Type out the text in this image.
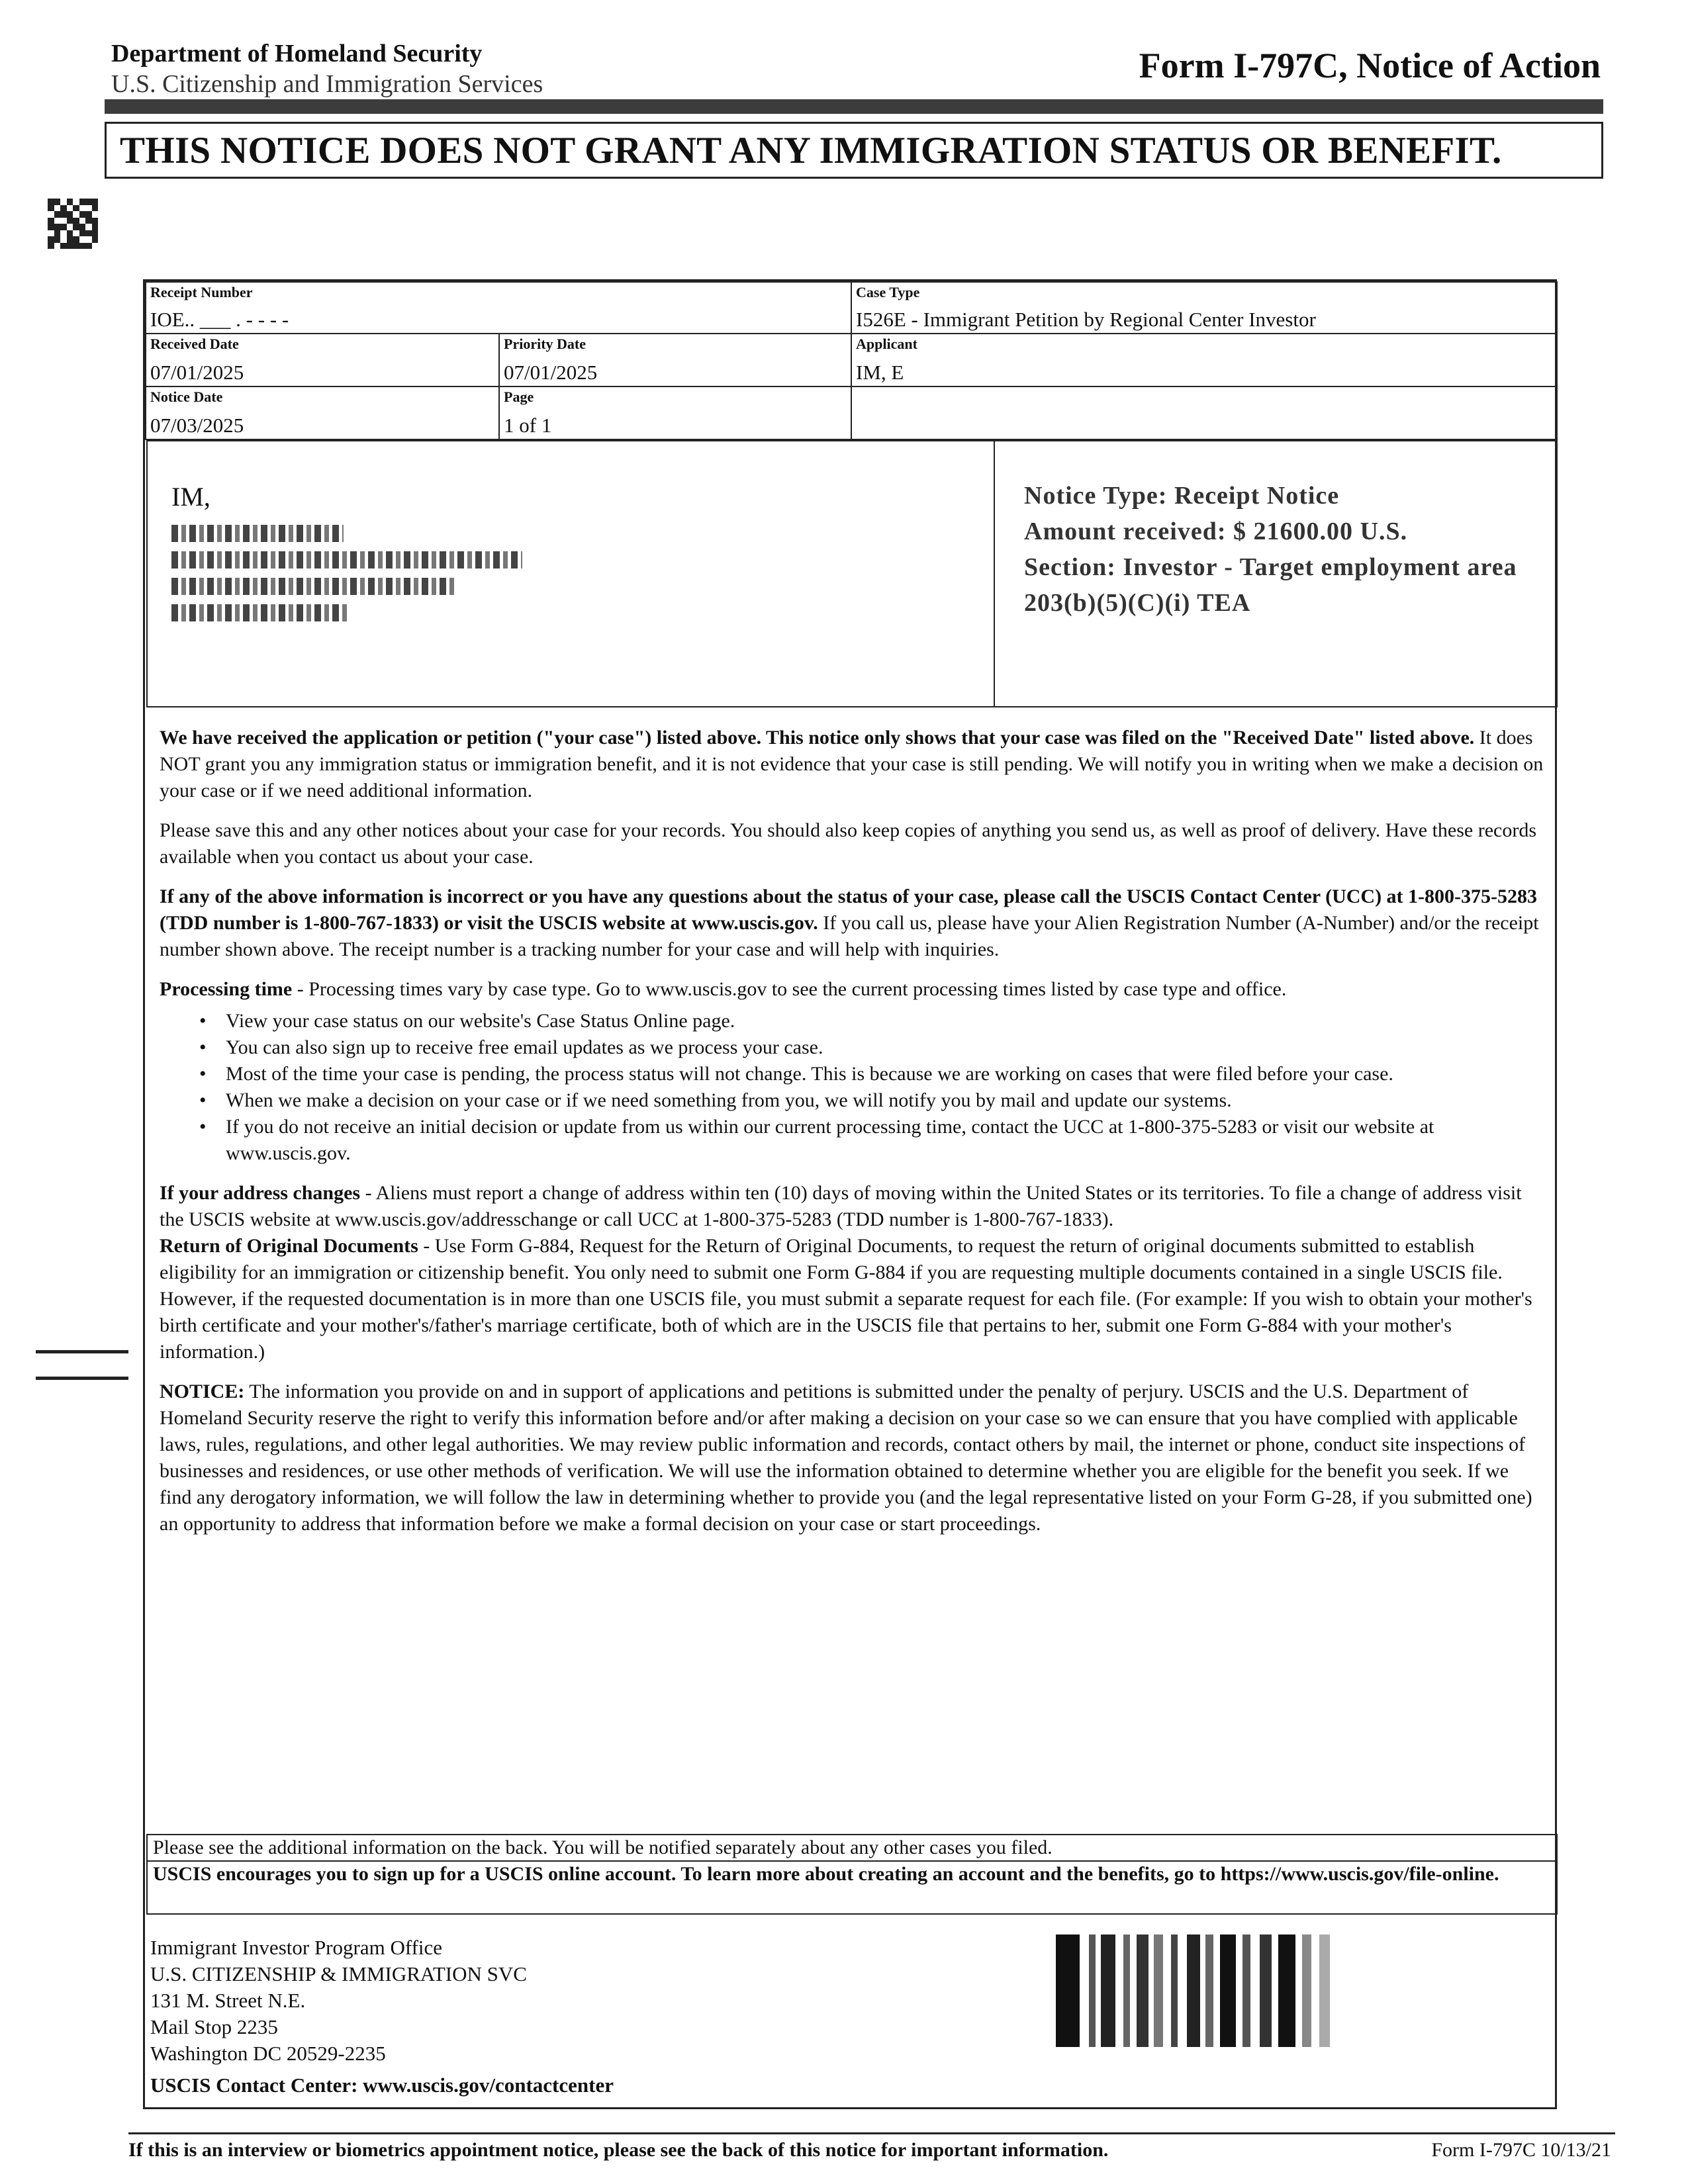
Department of Homeland Security
U.S. Citizenship and Immigration Services	Form I-797C, Notice of Action
THIS NOTICE DOES NOT GRANT ANY IMMIGRATION STATUS OR BENEFIT.
Receipt Number
IOE.. ___ . - - - -
Case Type
I526E - Immigrant Petition by Regional Center Investor
Received Date
07/01/2025
Priority Date
07/01/2025
Applicant
IM, E
Notice Date
07/03/2025
Page
1 of 1
IM,	Notice Type: Receipt Notice
Amount received: $ 21600.00 U.S.
Section: Investor - Target employment area
203(b)(5)(C)(i) TEA

We have received the application or petition ("your case") listed above. This notice only shows that your case was filed on the "Received Date" listed above. It does NOT grant you any immigration status or immigration benefit, and it is not evidence that your case is still pending. We will notify you in writing when we make a decision on your case or if we need additional information.

Please save this and any other notices about your case for your records. You should also keep copies of anything you send us, as well as proof of delivery. Have these records available when you contact us about your case.

If any of the above information is incorrect or you have any questions about the status of your case, please call the USCIS Contact Center (UCC) at 1-800-375-5283 (TDD number is 1-800-767-1833) or visit the USCIS website at www.uscis.gov. If you call us, please have your Alien Registration Number (A-Number) and/or the receipt number shown above. The receipt number is a tracking number for your case and will help with inquiries.

Processing time - Processing times vary by case type. Go to www.uscis.gov to see the current processing times listed by case type and office.

• View your case status on our website's Case Status Online page.
• You can also sign up to receive free email updates as we process your case.
• Most of the time your case is pending, the process status will not change. This is because we are working on cases that were filed before your case.
• When we make a decision on your case or if we need something from you, we will notify you by mail and update our systems.
• If you do not receive an initial decision or update from us within our current processing time, contact the UCC at 1-800-375-5283 or visit our website at www.uscis.gov.

If your address changes - Aliens must report a change of address within ten (10) days of moving within the United States or its territories. To file a change of address visit the USCIS website at www.uscis.gov/addresschange or call UCC at 1-800-375-5283 (TDD number is 1-800-767-1833).

Return of Original Documents - Use Form G-884, Request for the Return of Original Documents, to request the return of original documents submitted to establish eligibility for an immigration or citizenship benefit. You only need to submit one Form G-884 if you are requesting multiple documents contained in a single USCIS file. However, if the requested documentation is in more than one USCIS file, you must submit a separate request for each file. (For example: If you wish to obtain your mother's birth certificate and your mother's/father's marriage certificate, both of which are in the USCIS file that pertains to her, submit one Form G-884 with your mother's information.)

NOTICE: The information you provide on and in support of applications and petitions is submitted under the penalty of perjury. USCIS and the U.S. Department of Homeland Security reserve the right to verify this information before and/or after making a decision on your case so we can ensure that you have complied with applicable laws, rules, regulations, and other legal authorities. We may review public information and records, contact others by mail, the internet or phone, conduct site inspections of businesses and residences, or use other methods of verification. We will use the information obtained to determine whether you are eligible for the benefit you seek. If we find any derogatory information, we will follow the law in determining whether to provide you (and the legal representative listed on your Form G-28, if you submitted one) an opportunity to address that information before we make a formal decision on your case or start proceedings.

Please see the additional information on the back. You will be notified separately about any other cases you filed.
USCIS encourages you to sign up for a USCIS online account. To learn more about creating an account and the benefits, go to https://www.uscis.gov/file-online.
Immigrant Investor Program Office
U.S. CITIZENSHIP & IMMIGRATION SVC
131 M. Street N.E.
Mail Stop 2235
Washington DC 20529-2235
USCIS Contact Center: www.uscis.gov/contactcenter
If this is an interview or biometrics appointment notice, please see the back of this notice for important information.	Form I-797C 10/13/21
